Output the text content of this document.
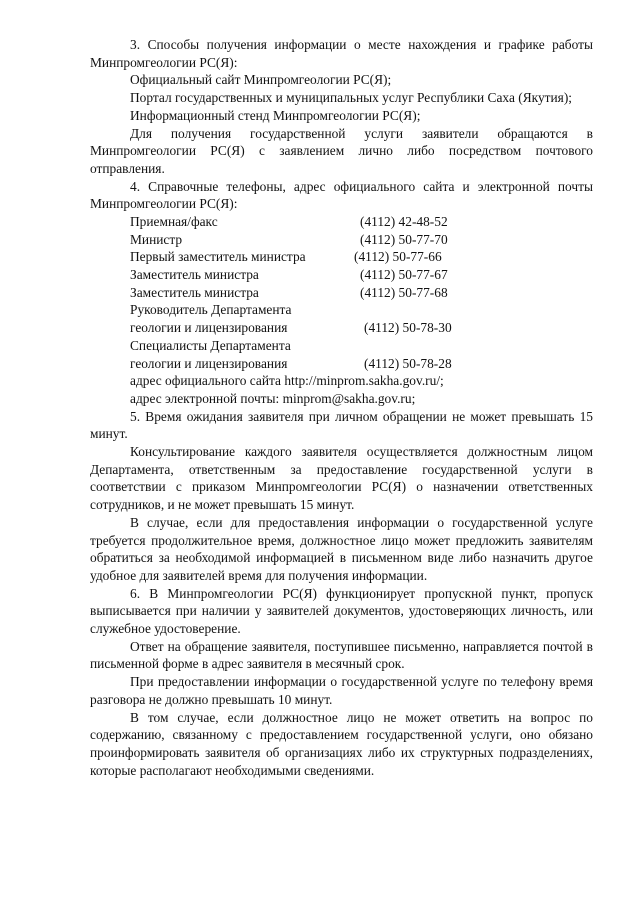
3. Способы получения информации о месте нахождения и графике работы Минпромгеологии РС(Я):

Официальный сайт Минпромгеологии РС(Я);

Портал государственных и муниципальных услуг Республики Саха (Якутия);

Информационный стенд Минпромгеологии РС(Я);

Для получения государственной услуги заявители обращаются в Минпромгеологии РС(Я) с заявлением лично либо посредством почтового отправления.

4. Справочные телефоны, адрес официального сайта и электронной почты Минпромгеологии РС(Я):

Приемная/факс	(4112) 42-48-52
Министр	(4112) 50-77-70
Первый заместитель министра	(4112) 50-77-66
Заместитель министра	(4112) 50-77-67
Заместитель министра	(4112) 50-77-68
Руководитель Департамента
геологии и лицензирования	(4112) 50-78-30
Специалисты Департамента
геологии и лицензирования	(4112) 50-78-28

адрес официального сайта http://minprom.sakha.gov.ru/;

адрес электронной почты: minprom@sakha.gov.ru;

5. Время ожидания заявителя при личном обращении не может превышать 15 минут.

Консультирование каждого заявителя осуществляется должностным лицом Департамента, ответственным за предоставление государственной услуги в соответствии с приказом Минпромгеологии РС(Я) о назначении ответственных сотрудников, и не может превышать 15 минут.

В случае, если для предоставления информации о государственной услуге требуется продолжительное время, должностное лицо может предложить заявителям обратиться за необходимой информацией в письменном виде либо назначить другое удобное для заявителей время для получения информации.

6. В Минпромгеологии РС(Я) функционирует пропускной пункт, пропуск выписывается при наличии у заявителей документов, удостоверяющих личность, или служебное удостоверение.

Ответ на обращение заявителя, поступившее письменно, направляется почтой в письменной форме в адрес заявителя в месячный срок.

При предоставлении информации о государственной услуге по телефону время разговора не должно превышать 10 минут.

В том случае, если должностное лицо не может ответить на вопрос по содержанию, связанному с предоставлением государственной услуги, оно обязано проинформировать заявителя об организациях либо их структурных подразделениях, которые располагают необходимыми сведениями.
